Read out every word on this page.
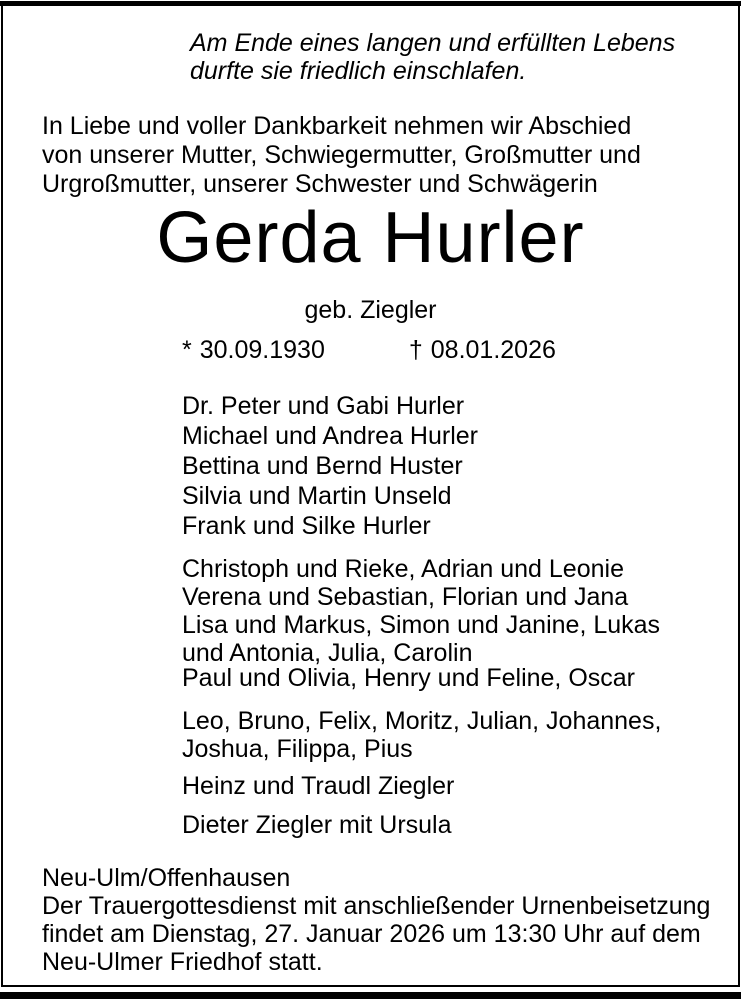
Am Ende eines langen und erfüllten Lebens
durfte sie friedlich einschlafen.
In Liebe und voller Dankbarkeit nehmen wir Abschied
von unserer Mutter, Schwiegermutter, Großmutter und
Urgroßmutter, unserer Schwester und Schwägerin
Gerda Hurler
geb. Ziegler
* 30.09.1930	† 08.01.2026
Dr. Peter und Gabi Hurler
Michael und Andrea Hurler
Bettina und Bernd Huster
Silvia und Martin Unseld
Frank und Silke Hurler
Christoph und Rieke, Adrian und Leonie
Verena und Sebastian, Florian und Jana
Lisa und Markus, Simon und Janine, Lukas
und Antonia, Julia, Carolin
Paul und Olivia, Henry und Feline, Oscar
Leo, Bruno, Felix, Moritz, Julian, Johannes,
Joshua, Filippa, Pius
Heinz und Traudl Ziegler
Dieter Ziegler mit Ursula
Neu-Ulm/Offenhausen
Der Trauergottesdienst mit anschließender Urnenbeisetzung
findet am Dienstag, 27. Januar 2026 um 13:30 Uhr auf dem
Neu-Ulmer Friedhof statt.
